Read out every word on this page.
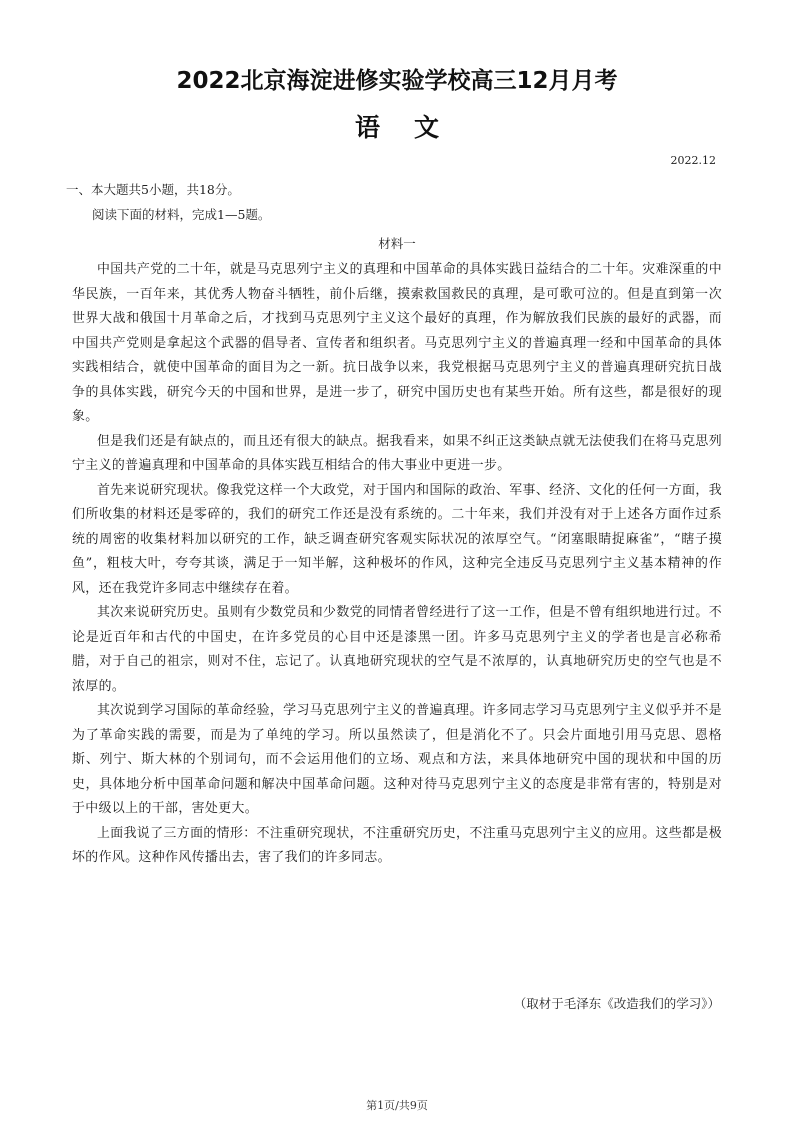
2022北京海淀进修实验学校高三12月月考
语文
2022.12
一、本大题共5小题，共18分。
阅读下面的材料，完成1—5题。
材料一

中国共产党的二十年，就是马克思列宁主义的真理和中国革命的具体实践日益结合的二十年。灾难深重的中华民族，一百年来，其优秀人物奋斗牺牲，前仆后继，摸索救国救民的真理，是可歌可泣的。但是直到第一次世界大战和俄国十月革命之后，才找到马克思列宁主义这个最好的真理，作为解放我们民族的最好的武器，而中国共产党则是拿起这个武器的倡导者、宣传者和组织者。马克思列宁主义的普遍真理一经和中国革命的具体实践相结合，就使中国革命的面目为之一新。抗日战争以来，我党根据马克思列宁主义的普遍真理研究抗日战争的具体实践，研究今天的中国和世界，是进一步了，研究中国历史也有某些开始。所有这些，都是很好的现象。

但是我们还是有缺点的，而且还有很大的缺点。据我看来，如果不纠正这类缺点就无法使我们在将马克思列宁主义的普遍真理和中国革命的具体实践互相结合的伟大事业中更进一步。

首先来说研究现状。像我党这样一个大政党，对于国内和国际的政治、军事、经济、文化的任何一方面，我们所收集的材料还是零碎的，我们的研究工作还是没有系统的。二十年来，我们并没有对于上述各方面作过系统的周密的收集材料加以研究的工作，缺乏调查研究客观实际状况的浓厚空气。“闭塞眼睛捉麻雀”，“瞎子摸鱼”，粗枝大叶，夸夸其谈，满足于一知半解，这种极坏的作风，这种完全违反马克思列宁主义基本精神的作风，还在我党许多同志中继续存在着。

其次来说研究历史。虽则有少数党员和少数党的同情者曾经进行了这一工作，但是不曾有组织地进行过。不论是近百年和古代的中国史，在许多党员的心目中还是漆黑一团。许多马克思列宁主义的学者也是言必称希腊，对于自己的祖宗，则对不住，忘记了。认真地研究现状的空气是不浓厚的，认真地研究历史的空气也是不浓厚的。

其次说到学习国际的革命经验，学习马克思列宁主义的普遍真理。许多同志学习马克思列宁主义似乎并不是为了革命实践的需要，而是为了单纯的学习。所以虽然读了，但是消化不了。只会片面地引用马克思、恩格斯、列宁、斯大林的个别词句，而不会运用他们的立场、观点和方法，来具体地研究中国的现状和中国的历史，具体地分析中国革命问题和解决中国革命问题。这种对待马克思列宁主义的态度是非常有害的，特别是对于中级以上的干部，害处更大。

上面我说了三方面的情形：不注重研究现状，不注重研究历史，不注重马克思列宁主义的应用。这些都是极坏的作风。这种作风传播出去，害了我们的许多同志。

（取材于毛泽东《改造我们的学习》）
第1页/共9页
